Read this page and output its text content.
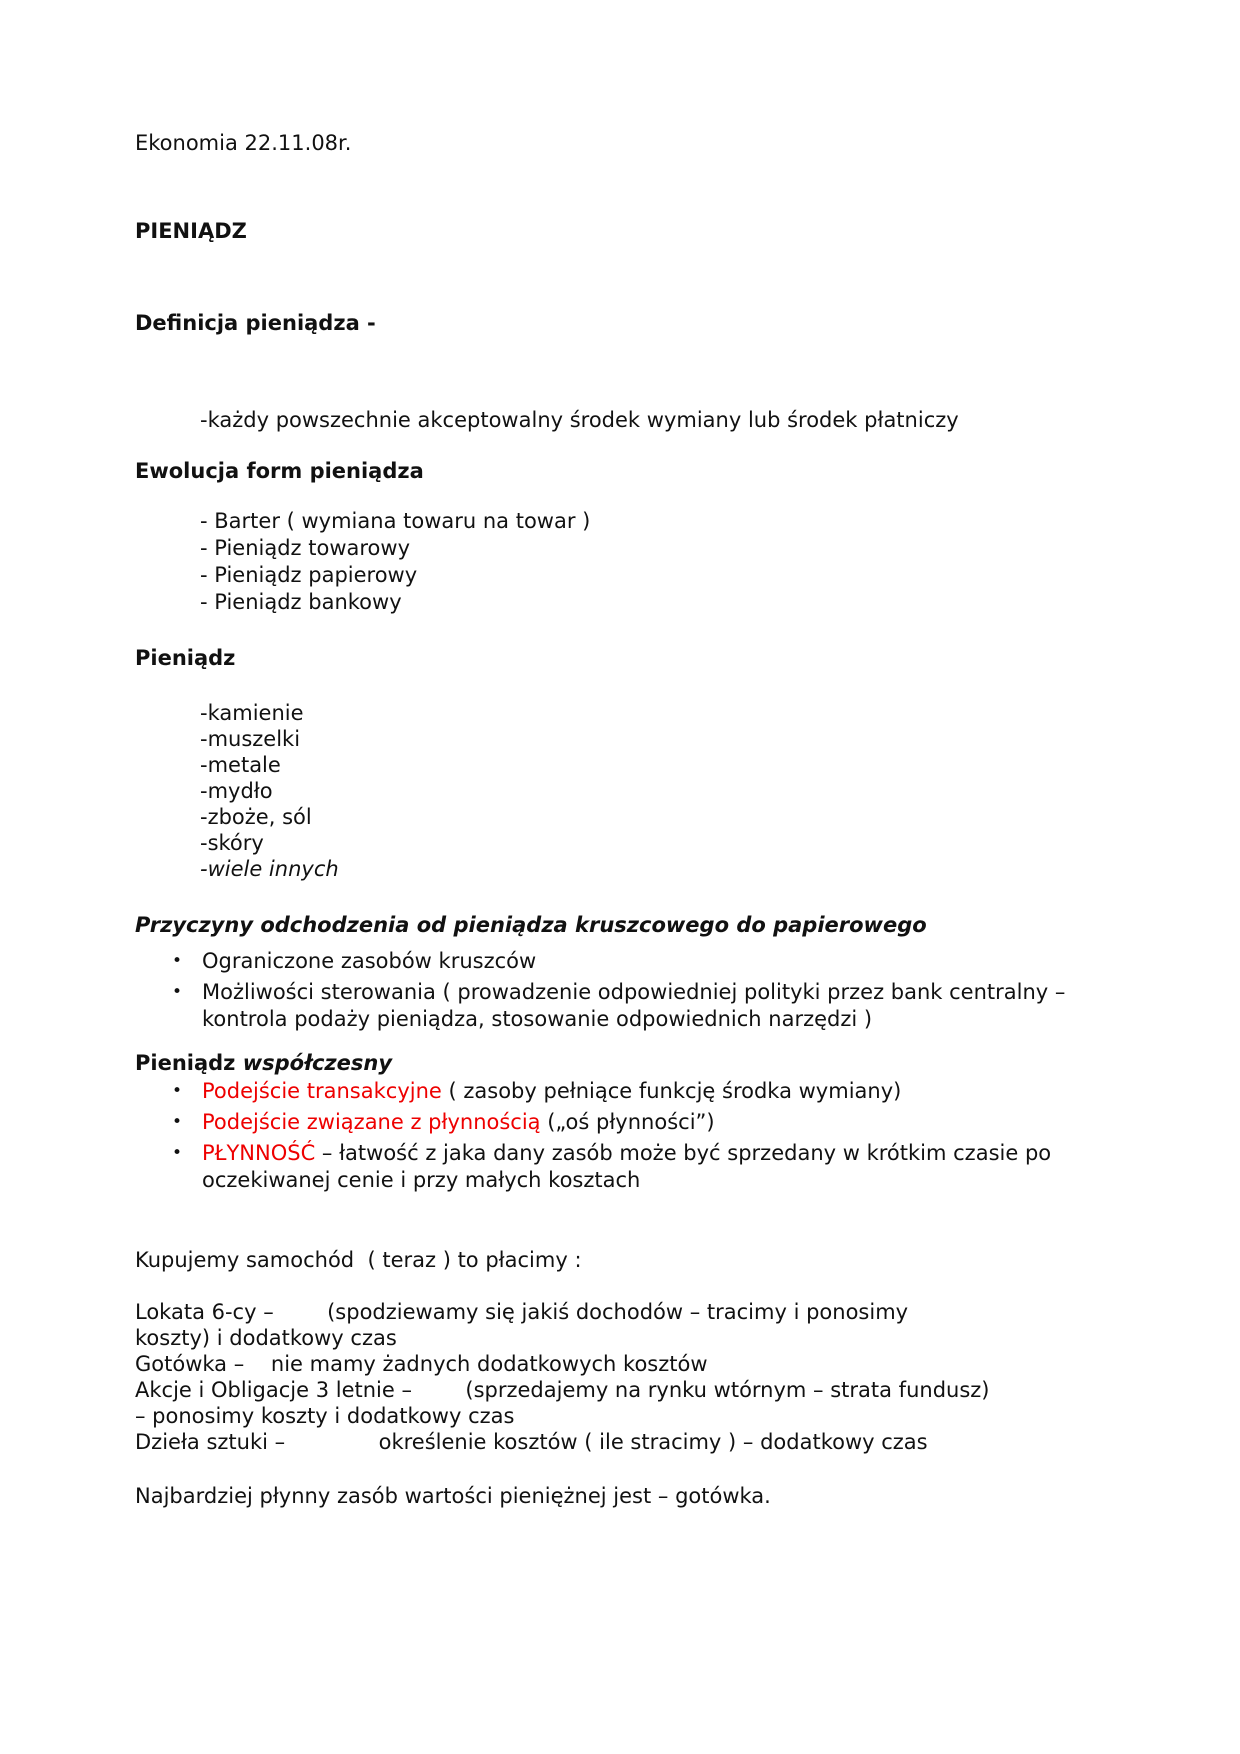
Ekonomia 22.11.08r.
PIENIĄDZ
Definicja pieniądza -
-każdy powszechnie akceptowalny środek wymiany lub środek płatniczy
Ewolucja form pieniądza
- Barter ( wymiana towaru na towar )
- Pieniądz towarowy
- Pieniądz papierowy
- Pieniądz bankowy
Pieniądz
-kamienie
-muszelki
-metale
-mydło
-zboże, sól
-skóry
-wiele innych
Przyczyny odchodzenia od pieniądza kruszcowego do papierowego
• Ograniczone zasobów kruszców
• Możliwości sterowania ( prowadzenie odpowiedniej polityki przez bank centralny – kontrola podaży pieniądza, stosowanie odpowiednich narzędzi )
Pieniądz współczesny
• Podejście transakcyjne ( zasoby pełniące funkcję środka wymiany)
• Podejście związane z płynnością („oś płynności”)
• PŁYNNOŚĆ – łatwość z jaka dany zasób może być sprzedany w krótkim czasie po oczekiwanej cenie i przy małych kosztach
Kupujemy samochód  ( teraz ) to płacimy :
Lokata 6-cy –        (spodziewamy się jakiś dochodów – tracimy i ponosimy
koszty) i dodatkowy czas
Gotówka –    nie mamy żadnych dodatkowych kosztów
Akcje i Obligacje 3 letnie –        (sprzedajemy na rynku wtórnym – strata fundusz)
– ponosimy koszty i dodatkowy czas
Dzieła sztuki –              określenie kosztów ( ile stracimy ) – dodatkowy czas
Najbardziej płynny zasób wartości pieniężnej jest – gotówka.
